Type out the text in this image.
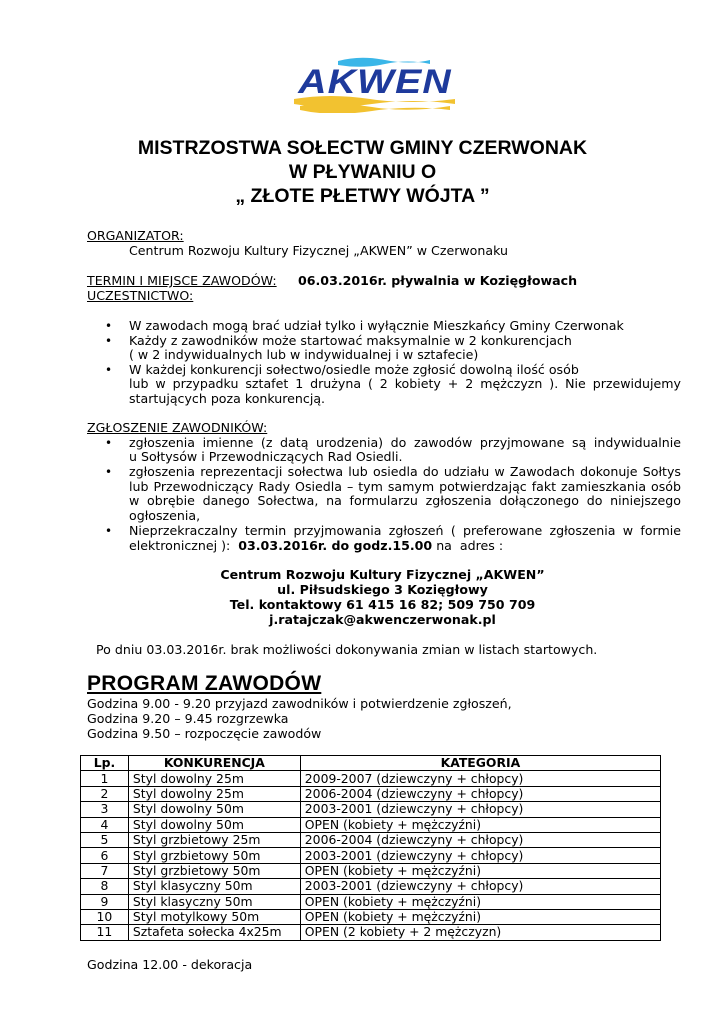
AKWEN
MISTRZOSTWA SOŁECTW GMINY CZERWONAK
W PŁYWANIU O
„ ZŁOTE PŁETWY WÓJTA ”
ORGANIZATOR:
Centrum Rozwoju Kultury Fizycznej „AKWEN” w Czerwonaku
TERMIN I MIEJSCE ZAWODÓW: 06.03.2016r. pływalnia w Kozięgłowach
UCZESTNICTWO:
• W zawodach mogą brać udział tylko i wyłącznie Mieszkańcy Gminy Czerwonak
• Każdy z zawodników może startować maksymalnie w 2 konkurencjach
( w 2 indywidualnych lub w indywidualnej i w sztafecie)
• W każdej konkurencji sołectwo/osiedle może zgłosić dowolną ilość osób
lub w przypadku sztafet 1 drużyna ( 2 kobiety + 2 mężczyzn ). Nie przewidujemy
startujących poza konkurencją.
ZGŁOSZENIE ZAWODNIKÓW:
• zgłoszenia imienne (z datą urodzenia) do zawodów przyjmowane są indywidualnie
u Sołtysów i Przewodniczących Rad Osiedli.
• zgłoszenia reprezentacji sołectwa lub osiedla do udziału w Zawodach dokonuje Sołtys
lub Przewodniczący Rady Osiedla – tym samym potwierdzając fakt zamieszkania osób
w obrębie danego Sołectwa, na formularzu zgłoszenia dołączonego do niniejszego
ogłoszenia,
• Nieprzekraczalny termin przyjmowania zgłoszeń ( preferowane zgłoszenia w formie
elektronicznej ):  03.03.2016r. do godz.15.00 na  adres :
Centrum Rozwoju Kultury Fizycznej „AKWEN”
ul. Piłsudskiego 3 Kozięgłowy
Tel. kontaktowy 61 415 16 82; 509 750 709
j.ratajczak@akwenczerwonak.pl
Po dniu 03.03.2016r. brak możliwości dokonywania zmian w listach startowych.
PROGRAM ZAWODÓW
Godzina 9.00 - 9.20 przyjazd zawodników i potwierdzenie zgłoszeń,
Godzina 9.20 – 9.45 rozgrzewka
Godzina 9.50 – rozpoczęcie zawodów
Lp.	KONKURENCJA	KATEGORIA
1	Styl dowolny 25m	2009-2007 (dziewczyny + chłopcy)
2	Styl dowolny 25m	2006-2004 (dziewczyny + chłopcy)
3	Styl dowolny 50m	2003-2001 (dziewczyny + chłopcy)
4	Styl dowolny 50m	OPEN (kobiety + mężczyźni)
5	Styl grzbietowy 25m	2006-2004 (dziewczyny + chłopcy)
6	Styl grzbietowy 50m	2003-2001 (dziewczyny + chłopcy)
7	Styl grzbietowy 50m	OPEN (kobiety + mężczyźni)
8	Styl klasyczny 50m	2003-2001 (dziewczyny + chłopcy)
9	Styl klasyczny 50m	OPEN (kobiety + mężczyźni)
10	Styl motylkowy 50m	OPEN (kobiety + mężczyźni)
11	Sztafeta sołecka 4x25m	OPEN (2 kobiety + 2 mężczyzn)
Godzina 12.00 - dekoracja
